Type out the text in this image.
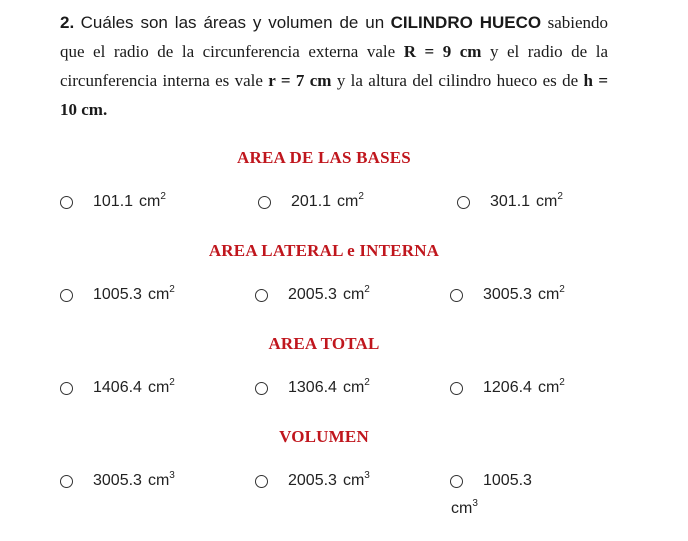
2. Cuáles son las áreas y volumen de un CILINDRO HUECO sabiendo que el radio de la circunferencia externa vale R = 9 cm y el radio de la circunferencia interna es vale r = 7 cm y la altura del cilindro hueco es de h = 10 cm.
AREA DE LAS BASES
101.1 $cm^2$	201.1 $cm^2$	301.1 $cm^2$
AREA LATERAL e INTERNA
1005.3 $cm^2$	2005.3 $cm^2$	3005.3 $cm^2$
AREA TOTAL
1406.4 $cm^2$	1306.4 $cm^2$	1206.4 $cm^2$
VOLUMEN
3005.3 $cm^3$	2005.3 $cm^3$	1005.3
$cm^3$
